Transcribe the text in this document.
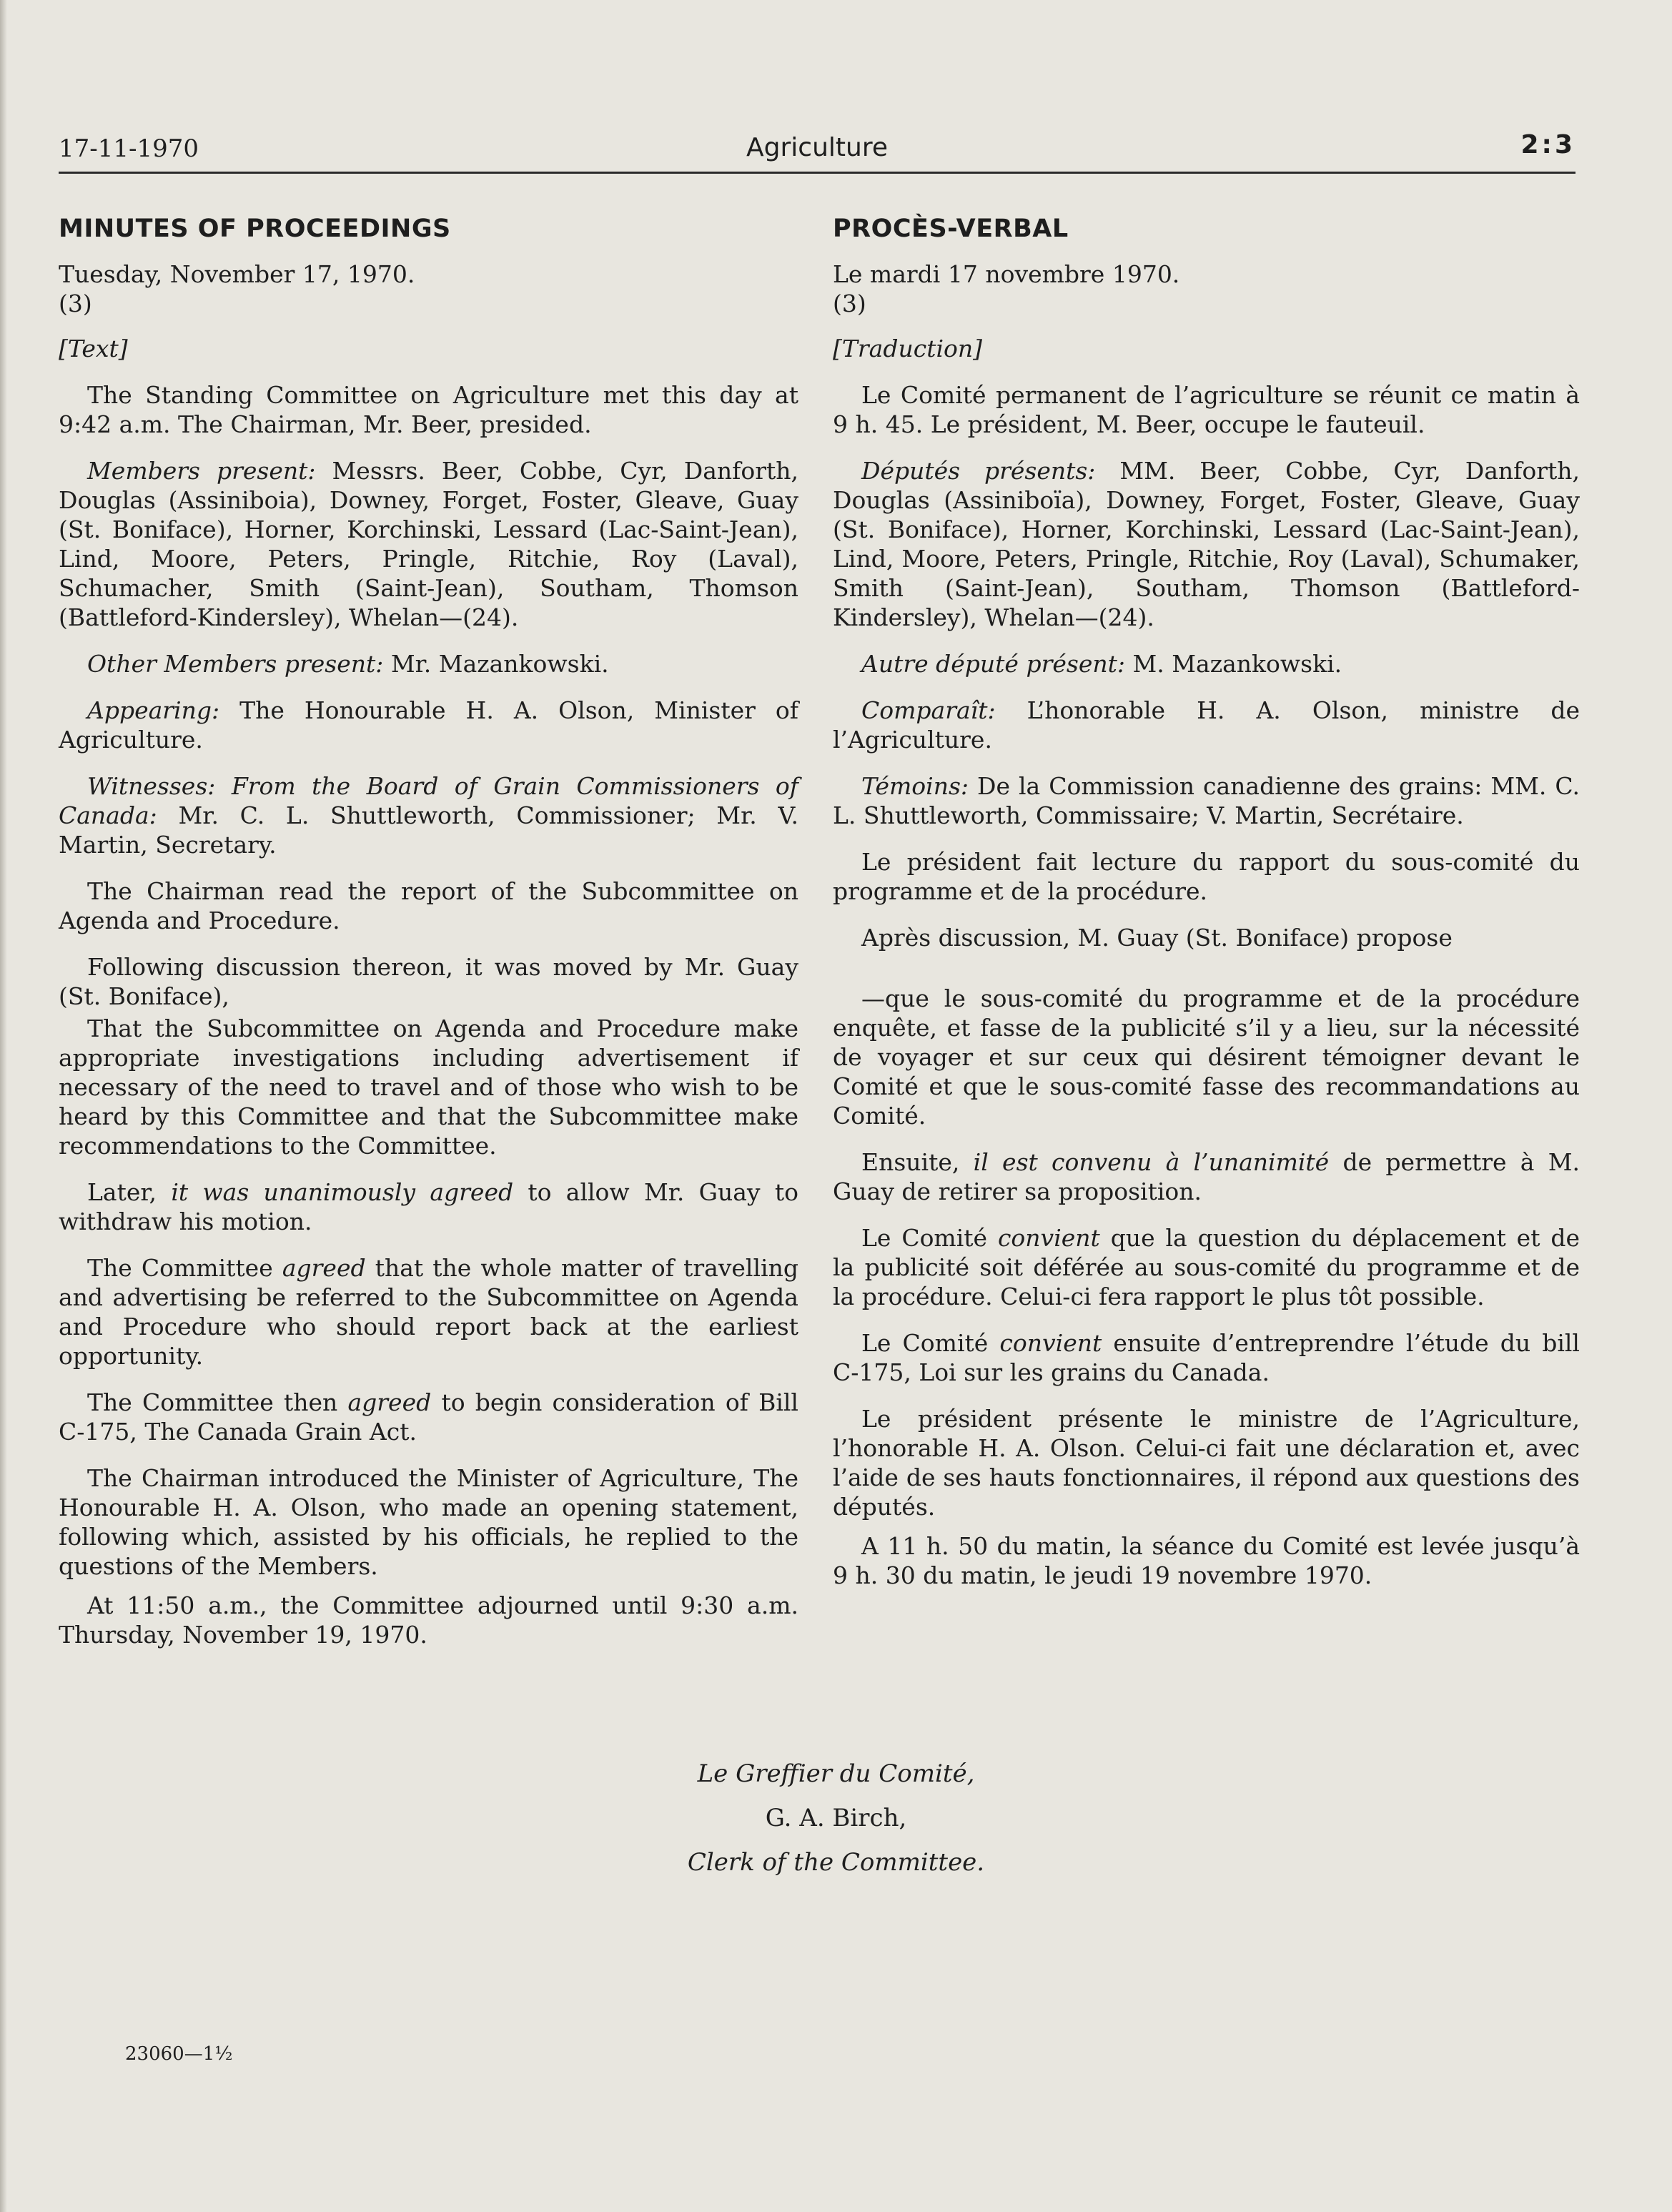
17-11-1970	Agriculture	2:3
MINUTES OF PROCEEDINGS

Tuesday, November 17, 1970.

(3)

[Text]

The Standing Committee on Agriculture met this day at 9:42 a.m. The Chairman, Mr. Beer, presided.

Members present: Messrs. Beer, Cobbe, Cyr, Danforth, Douglas (Assiniboia), Downey, Forget, Foster, Gleave, Guay (St. Boniface), Horner, Korchinski, Lessard (Lac-Saint-Jean), Lind, Moore, Peters, Pringle, Ritchie, Roy (Laval), Schumacher, Smith (Saint-Jean), Southam, Thomson (Battleford-Kindersley), Whelan—(24).

Other Members present: Mr. Mazankowski.

Appearing: The Honourable H. A. Olson, Minister of Agriculture.

Witnesses: From the Board of Grain Commissioners of Canada: Mr. C. L. Shuttleworth, Commissioner; Mr. V. Martin, Secretary.

The Chairman read the report of the Subcommittee on Agenda and Procedure.

Following discussion thereon, it was moved by Mr. Guay (St. Boniface),

That the Subcommittee on Agenda and Procedure make appropriate investigations including advertisement if necessary of the need to travel and of those who wish to be heard by this Committee and that the Subcommittee make recommendations to the Committee.

Later, it was unanimously agreed to allow Mr. Guay to withdraw his motion.

The Committee agreed that the whole matter of travelling and advertising be referred to the Subcommittee on Agenda and Procedure who should report back at the earliest opportunity.

The Committee then agreed to begin consideration of Bill C-175, The Canada Grain Act.

The Chairman introduced the Minister of Agriculture, The Honourable H. A. Olson, who made an opening statement, following which, assisted by his officials, he replied to the questions of the Members.

At 11:50 a.m., the Committee adjourned until 9:30 a.m. Thursday, November 19, 1970.

PROCÈS-VERBAL

Le mardi 17 novembre 1970.

(3)

[Traduction]

Le Comité permanent de l’agriculture se réunit ce matin à 9 h. 45. Le président, M. Beer, occupe le fauteuil.

Députés présents: MM. Beer, Cobbe, Cyr, Danforth, Douglas (Assiniboïa), Downey, Forget, Foster, Gleave, Guay (St. Boniface), Horner, Korchinski, Lessard (Lac-Saint-Jean), Lind, Moore, Peters, Pringle, Ritchie, Roy (Laval), Schumaker, Smith (Saint-Jean), Southam, Thomson (Battleford-Kindersley), Whelan—(24).

Autre député présent: M. Mazankowski.

Comparaît: L’honorable H. A. Olson, ministre de l’Agriculture.

Témoins: De la Commission canadienne des grains: MM. C. L. Shuttleworth, Commissaire; V. Martin, Secrétaire.

Le président fait lecture du rapport du sous-comité du programme et de la procédure.

Après discussion, M. Guay (St. Boniface) propose

—que le sous-comité du programme et de la procédure enquête, et fasse de la publicité s’il y a lieu, sur la nécessité de voyager et sur ceux qui désirent témoigner devant le Comité et que le sous-comité fasse des recommandations au Comité.

Ensuite, il est convenu à l’unanimité de permettre à M. Guay de retirer sa proposition.

Le Comité convient que la question du déplacement et de la publicité soit déférée au sous-comité du programme et de la procédure. Celui-ci fera rapport le plus tôt possible.

Le Comité convient ensuite d’entreprendre l’étude du bill C-175, Loi sur les grains du Canada.

Le président présente le ministre de l’Agriculture, l’honorable H. A. Olson. Celui-ci fait une déclaration et, avec l’aide de ses hauts fonctionnaires, il répond aux questions des députés.

A 11 h. 50 du matin, la séance du Comité est levée jusqu’à 9 h. 30 du matin, le jeudi 19 novembre 1970.

Le Greffier du Comité,
G. A. Birch,
Clerk of the Committee.
23060—1½
